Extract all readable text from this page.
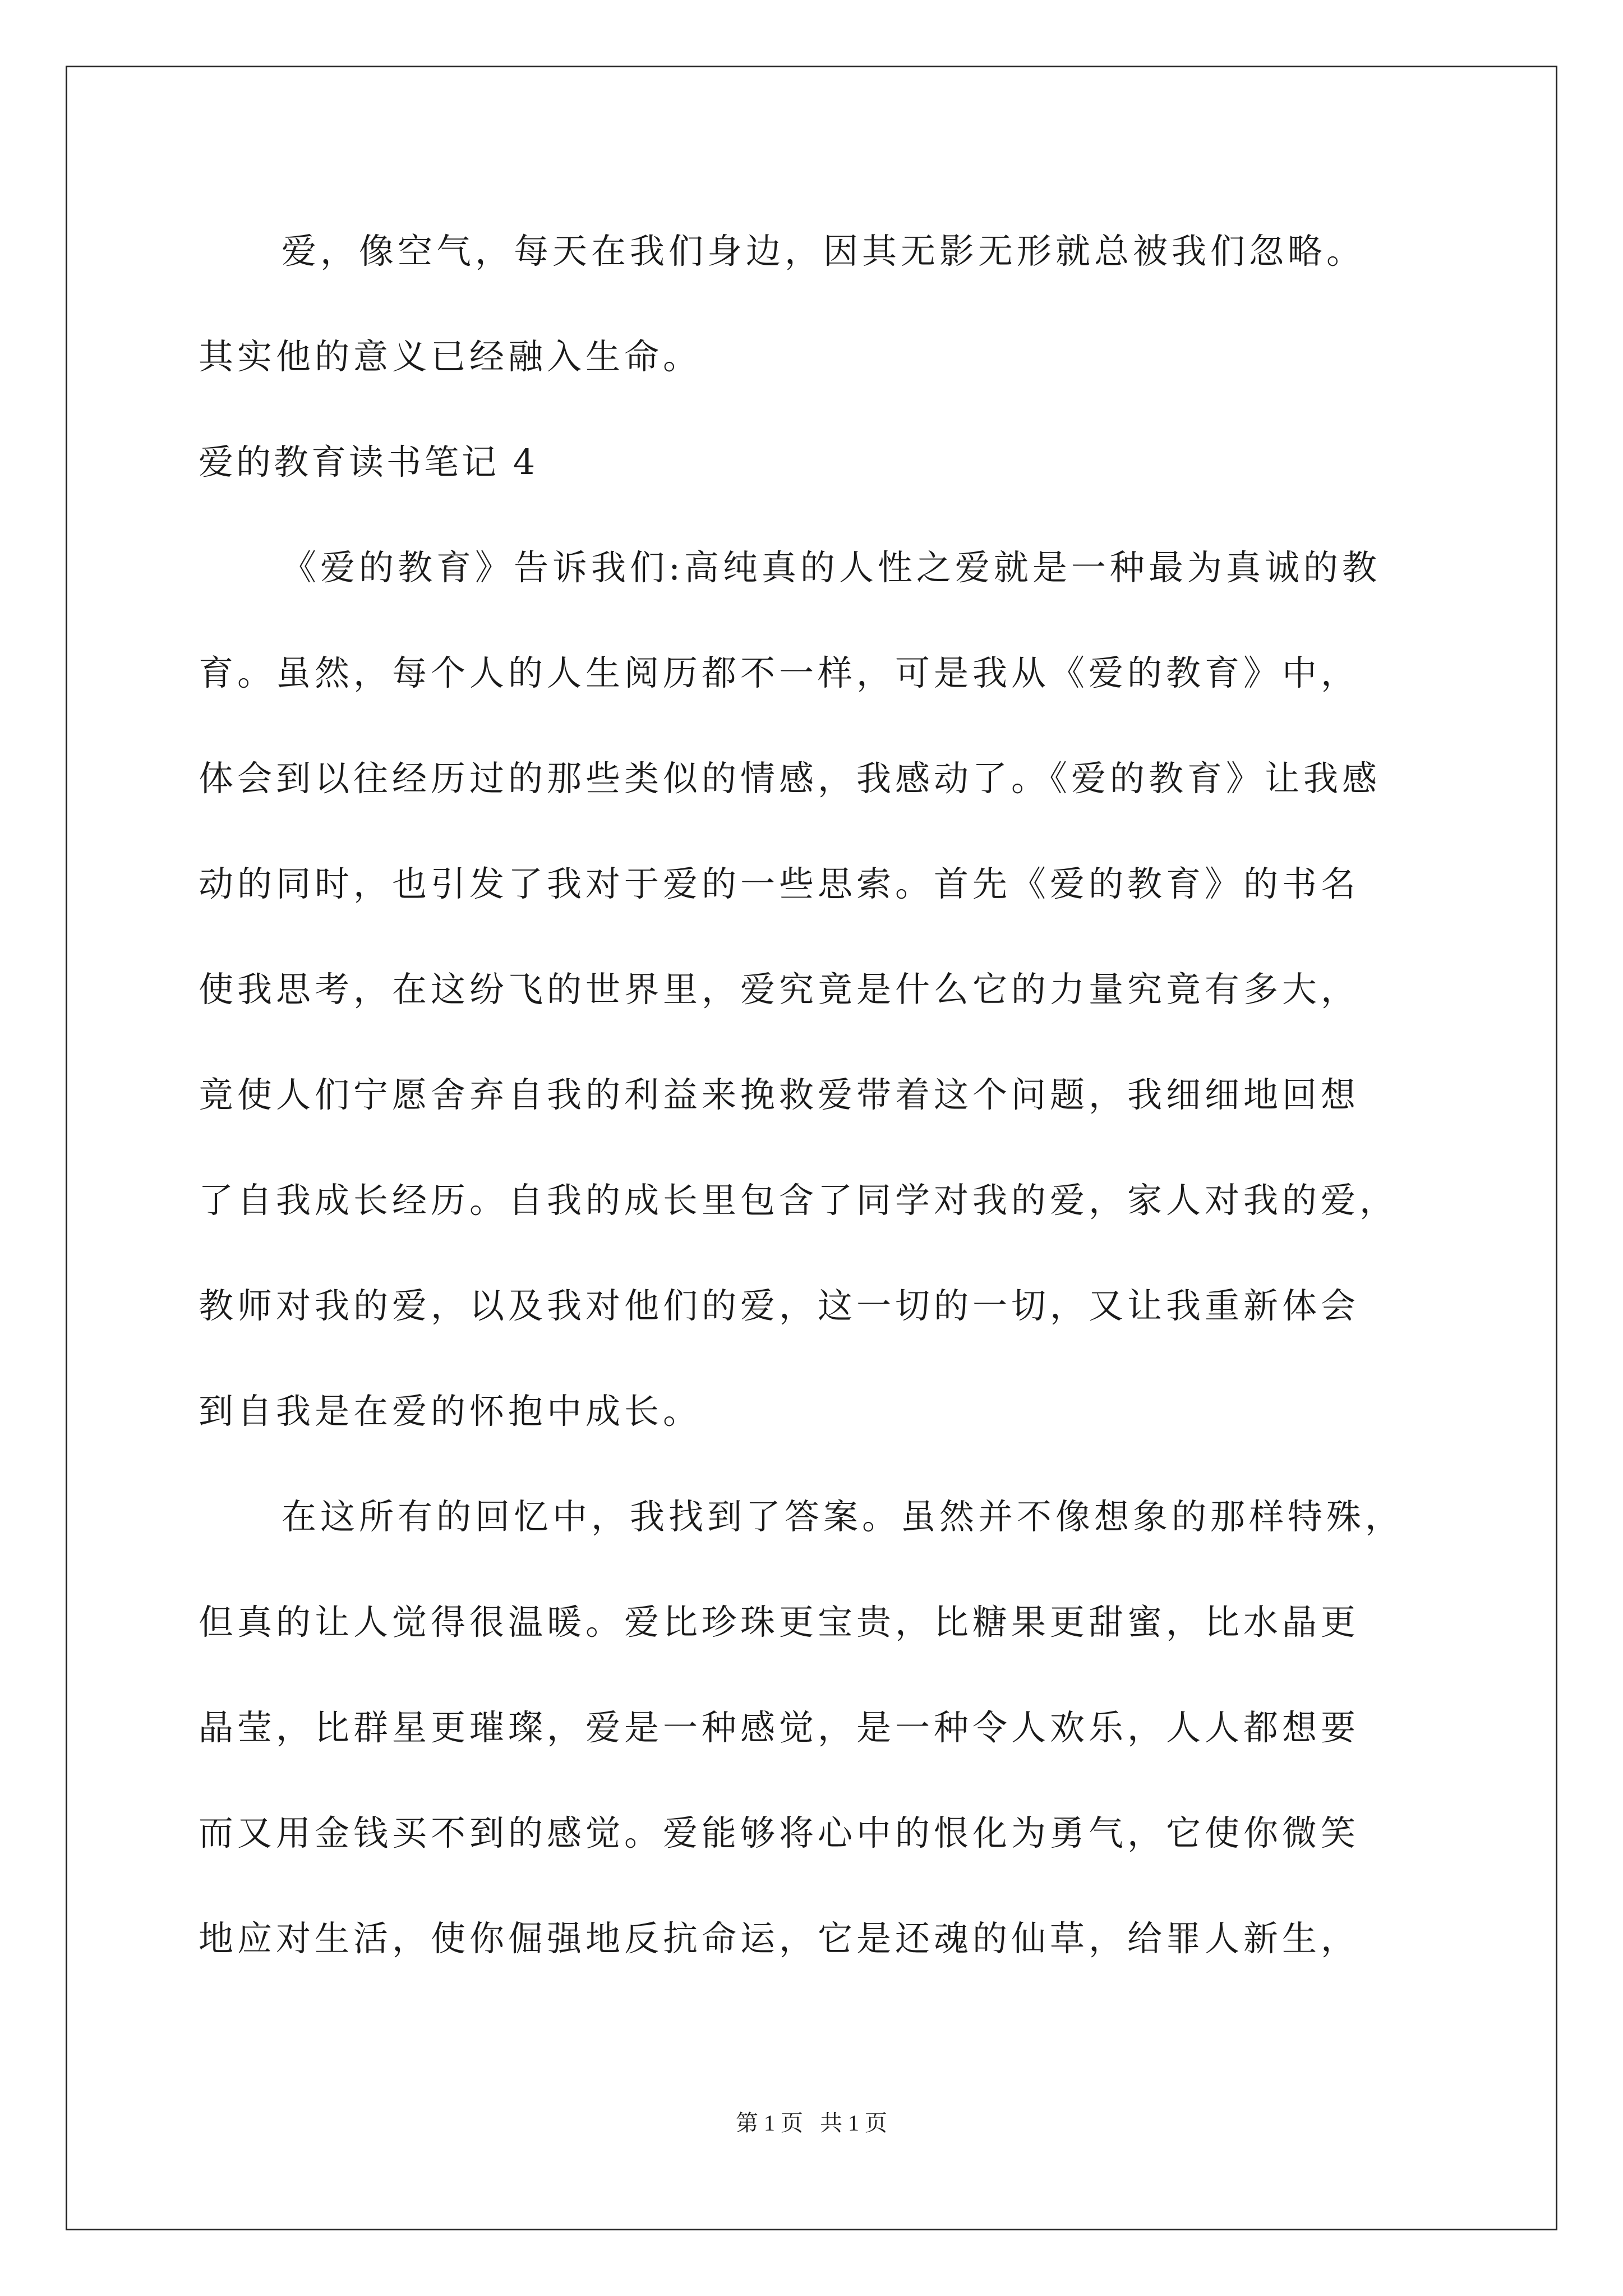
爱，像空气，每天在我们身边，因其无影无形就总被我们忽略。
其实他的意义已经融入生命。
爱的教育读书笔记 4
《爱的教育》告诉我们:高纯真的人性之爱就是一种最为真诚的教
育。虽然，每个人的人生阅历都不一样，可是我从《爱的教育》中，
体会到以往经历过的那些类似的情感，我感动了。《爱的教育》让我感
动的同时，也引发了我对于爱的一些思索。首先《爱的教育》的书名
使我思考，在这纷飞的世界里，爱究竟是什么它的力量究竟有多大，
竟使人们宁愿舍弃自我的利益来挽救爱带着这个问题，我细细地回想
了自我成长经历。自我的成长里包含了同学对我的爱，家人对我的爱，
教师对我的爱，以及我对他们的爱，这一切的一切，又让我重新体会
到自我是在爱的怀抱中成长。
在这所有的回忆中，我找到了答案。虽然并不像想象的那样特殊，
但真的让人觉得很温暖。爱比珍珠更宝贵，比糖果更甜蜜，比水晶更
晶莹，比群星更璀璨，爱是一种感觉，是一种令人欢乐，人人都想要
而又用金钱买不到的感觉。爱能够将心中的恨化为勇气，它使你微笑
地应对生活，使你倔强地反抗命运，它是还魂的仙草，给罪人新生，
第 1 页   共 1 页
